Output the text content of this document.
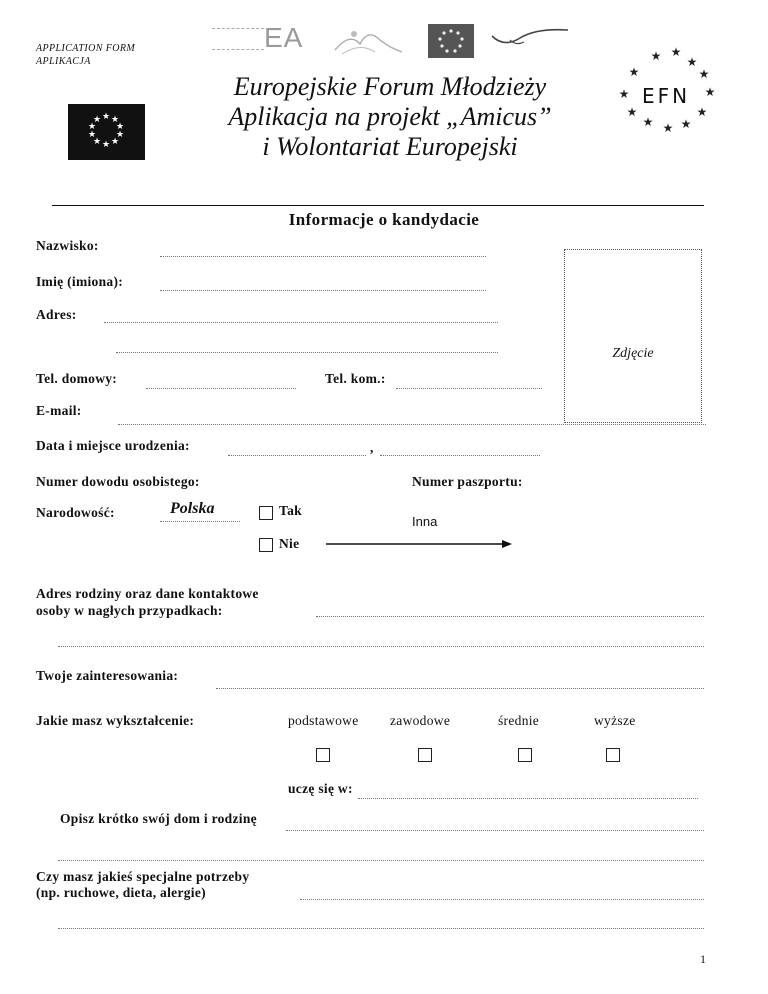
APPLICATION FORM
APLIKACJA
EA
★ ★
★
★
★
★
★
★
★
★
Europejskie Forum Młodzieży
Aplikacja na projekt „Amicus”
i Wolontariat Europejski
★ ★
★
★
★
★
★
★
★
★
★
★
EFN
Informacje o kandydacie
Zdjęcie
Nazwisko:
Imię (imiona):
Adres:
Tel. domowy:	Tel. kom.:
E-mail:
Data i miejsce urodzenia:	,
Numer dowodu osobistego:	Numer paszportu:
Narodowość:	Polska	Tak
Inna
Nie
Adres rodziny oraz dane kontaktowe
osoby w nagłych przypadkach:
Twoje zainteresowania:
Jakie masz wykształcenie:	podstawowe zawodowe	średnie	wyższe
uczę się w:
Opisz krótko swój dom i rodzinę
Czy masz jakieś specjalne potrzeby
(np. ruchowe, dieta, alergie)
1
